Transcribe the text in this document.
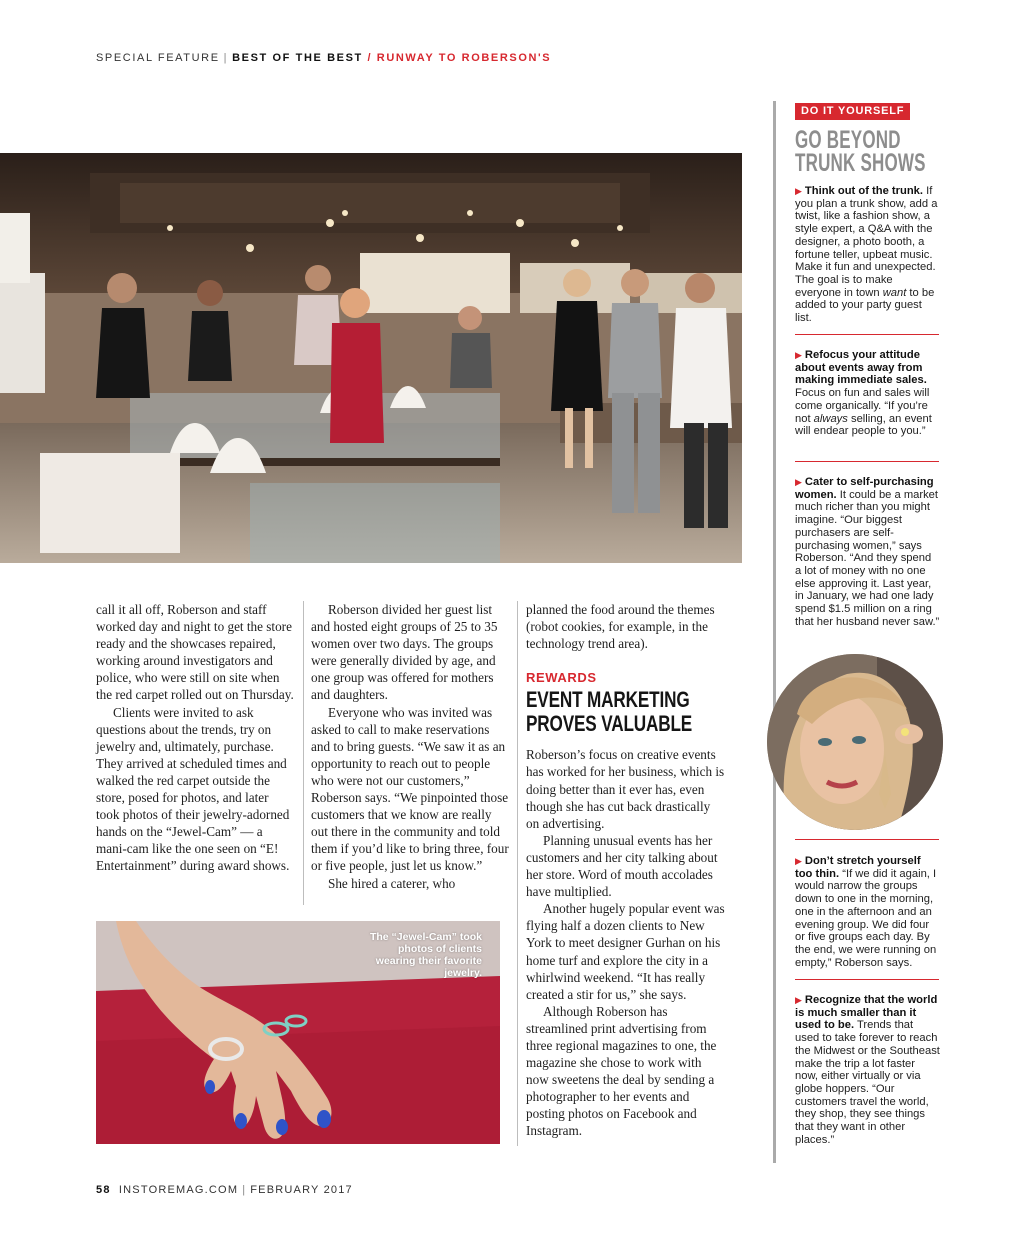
SPECIAL FEATURE | BEST OF THE BEST / RUNWAY TO ROBERSON'S

call it all off, Roberson and staff worked day and night to get the store ready and the showcases repaired, working around investigators and police, who were still on site when the red carpet rolled out on Thursday.

Clients were invited to ask questions about the trends, try on jewelry and, ultimately, purchase. They arrived at scheduled times and walked the red carpet outside the store, posed for photos, and later took photos of their jewelry-adorned hands on the “Jewel-Cam” — a mani-cam like the one seen on “E! Entertainment” during award shows.

Roberson divided her guest list and hosted eight groups of 25 to 35 women over two days. The groups were generally divided by age, and one group was offered for mothers and daughters.

Everyone who was invited was asked to call to make reservations and to bring guests. “We saw it as an opportunity to reach out to people who were not our customers,” Roberson says. “We pinpointed those customers that we know are really out there in the community and told them if you’d like to bring three, four or five people, just let us know.”

She hired a caterer, who

planned the food around the themes (robot cookies, for example, in the technology trend area).

REWARDS
EVENT MARKETING PROVES VALUABLE

Roberson’s focus on creative events has worked for her business, which is doing better than it ever has, even though she has cut back drastically on advertising.

Planning unusual events has her customers and her city talking about her store. Word of mouth accolades have multiplied.

Another hugely popular event was flying half a dozen clients to New York to meet designer Gurhan on his home turf and explore the city in a whirlwind weekend. “It has really created a stir for us,” she says.

Although Roberson has streamlined print advertising from three regional magazines to one, the magazine she chose to work with now sweetens the deal by sending a photographer to her events and posting photos on Facebook and Instagram.

The “Jewel-Cam” took photos of clients wearing their favorite jewelry.
DO IT YOURSELF
GO BEYOND TRUNK SHOWS
▶ Think out of the trunk. If you plan a trunk show, add a twist, like a fashion show, a style expert, a Q&A with the designer, a photo booth, a fortune teller, upbeat music. Make it fun and unexpected. The goal is to make everyone in town want to be added to your party guest list.
▶ Refocus your attitude about events away from making immediate sales. Focus on fun and sales will come organically. “If you’re not always selling, an event will endear people to you.”
▶ Cater to self-purchasing women. It could be a market much richer than you might imagine. “Our biggest purchasers are self-purchasing women,” says Roberson. “And they spend a lot of money with no one else approving it. Last year, in January, we had one lady spend $1.5 million on a ring that her husband never saw.”
▶ Don’t stretch yourself too thin. “If we did it again, I would narrow the groups down to one in the morning, one in the afternoon and an evening group. We did four or five groups each day. By the end, we were running on empty,” Roberson says.
▶ Recognize that the world is much smaller than it used to be. Trends that used to take forever to reach the Midwest or the Southeast make the trip a lot faster now, either virtually or via globe hoppers. “Our customers travel the world, they shop, they see things that they want in other places.”
58 INSTOREMAG.COM | FEBRUARY 2017
